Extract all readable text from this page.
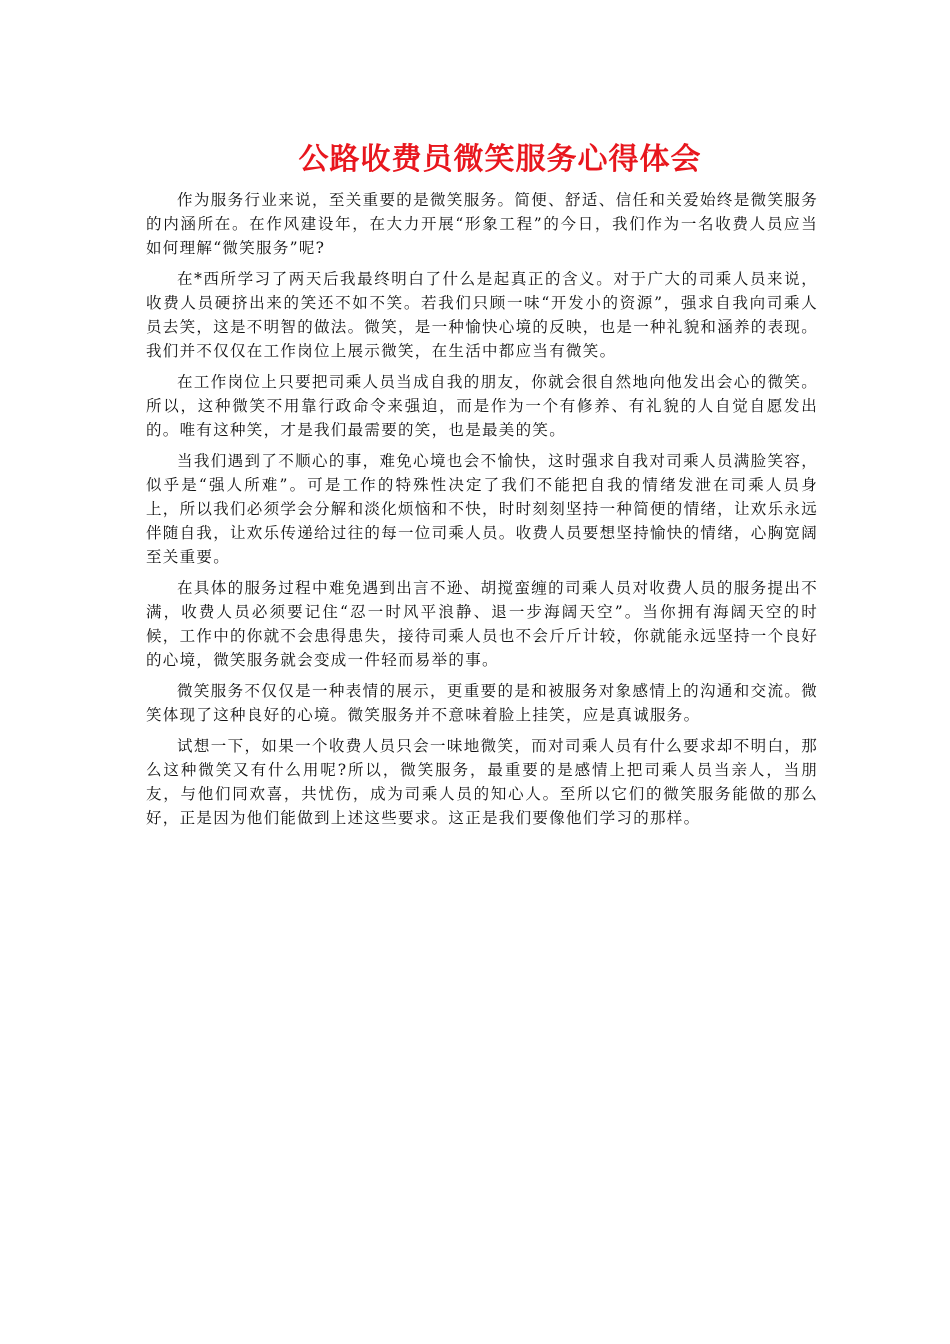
公路收费员微笑服务心得体会

作为服务行业来说，至关重要的是微笑服务。简便、舒适、信任和关爱始终是微笑服务的内涵所在。在作风建设年，在大力开展“形象工程”的今日，我们作为一名收费人员应当如何理解“微笑服务”呢?

在*西所学习了两天后我最终明白了什么是起真正的含义。对于广大的司乘人员来说，收费人员硬挤出来的笑还不如不笑。若我们只顾一味“开发小的资源”，强求自我向司乘人员去笑，这是不明智的做法。微笑，是一种愉快心境的反映，也是一种礼貌和涵养的表现。我们并不仅仅在工作岗位上展示微笑，在生活中都应当有微笑。

在工作岗位上只要把司乘人员当成自我的朋友，你就会很自然地向他发出会心的微笑。所以，这种微笑不用靠行政命令来强迫，而是作为一个有修养、有礼貌的人自觉自愿发出的。唯有这种笑，才是我们最需要的笑，也是最美的笑。

当我们遇到了不顺心的事，难免心境也会不愉快，这时强求自我对司乘人员满脸笑容，似乎是“强人所难”。可是工作的特殊性决定了我们不能把自我的情绪发泄在司乘人员身上，所以我们必须学会分解和淡化烦恼和不快，时时刻刻坚持一种简便的情绪，让欢乐永远伴随自我，让欢乐传递给过往的每一位司乘人员。收费人员要想坚持愉快的情绪，心胸宽阔至关重要。

在具体的服务过程中难免遇到出言不逊、胡搅蛮缠的司乘人员对收费人员的服务提出不满，收费人员必须要记住“忍一时风平浪静、退一步海阔天空”。当你拥有海阔天空的时候，工作中的你就不会患得患失，接待司乘人员也不会斤斤计较，你就能永远坚持一个良好的心境，微笑服务就会变成一件轻而易举的事。

微笑服务不仅仅是一种表情的展示，更重要的是和被服务对象感情上的沟通和交流。微笑体现了这种良好的心境。微笑服务并不意味着脸上挂笑，应是真诚服务。

试想一下，如果一个收费人员只会一味地微笑，而对司乘人员有什么要求却不明白，那么这种微笑又有什么用呢?所以，微笑服务，最重要的是感情上把司乘人员当亲人，当朋友，与他们同欢喜，共忧伤，成为司乘人员的知心人。至所以它们的微笑服务能做的那么好，正是因为他们能做到上述这些要求。这正是我们要像他们学习的那样。
